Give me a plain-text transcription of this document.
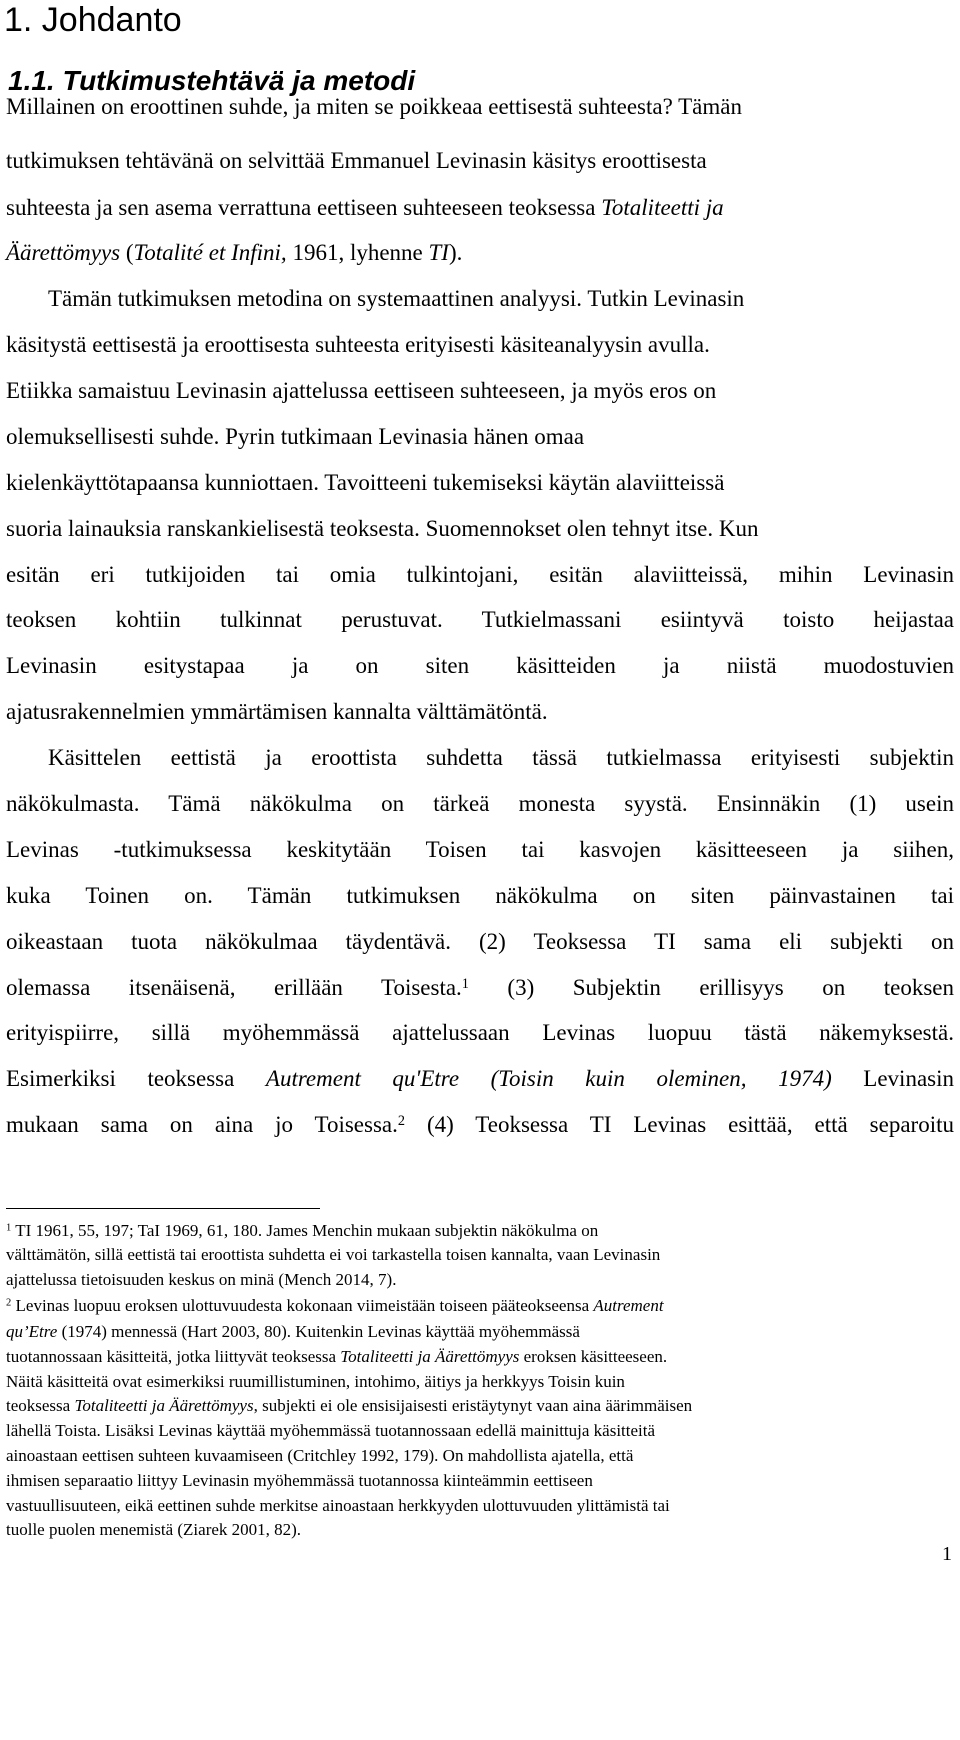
1. Johdanto
1.1. Tutkimustehtävä ja metodi
Millainen on eroottinen suhde, ja miten se poikkeaa eettisestä suhteesta? Tämän
tutkimuksen tehtävänä on selvittää Emmanuel Levinasin käsitys eroottisesta
suhteesta ja sen asema verrattuna eettiseen suhteeseen teoksessa Totaliteetti ja
Äärettömyys (Totalité et Infini, 1961, lyhenne TI).
Tämän tutkimuksen metodina on systemaattinen analyysi. Tutkin Levinasin
käsitystä eettisestä ja eroottisesta suhteesta erityisesti käsiteanalyysin avulla.
Etiikka samaistuu Levinasin ajattelussa eettiseen suhteeseen, ja myös eros on
olemuksellisesti suhde. Pyrin tutkimaan Levinasia hänen omaa
kielenkäyttötapaansa kunniottaen. Tavoitteeni tukemiseksi käytän alaviitteissä
suoria lainauksia ranskankielisestä teoksesta. Suomennokset olen tehnyt itse. Kun
esitän eri tutkijoiden tai omia tulkintojani, esitän alaviitteissä, mihin Levinasin
teoksen kohtiin tulkinnat perustuvat. Tutkielmassani esiintyvä toisto heijastaa
Levinasin esitystapaa ja on siten käsitteiden ja niistä muodostuvien
ajatusrakennelmien ymmärtämisen kannalta välttämätöntä.
Käsittelen eettistä ja eroottista suhdetta tässä tutkielmassa erityisesti subjektin
näkökulmasta. Tämä näkökulma on tärkeä monesta syystä. Ensinnäkin (1) usein
Levinas -tutkimuksessa keskitytään Toisen tai kasvojen käsitteeseen ja siihen,
kuka Toinen on. Tämän tutkimuksen näkökulma on siten päinvastainen tai
oikeastaan tuota näkökulmaa täydentävä. (2) Teoksessa TI sama eli subjekti on
olemassa itsenäisenä, erillään Toisesta.$^1$ (3) Subjektin erillisyys on teoksen
erityispiirre, sillä myöhemmässä ajattelussaan Levinas luopuu tästä näkemyksestä.
Esimerkiksi teoksessa Autrement qu'Etre (Toisin kuin oleminen, 1974) Levinasin
mukaan sama on aina jo Toisessa.$^2$ (4) Teoksessa TI Levinas esittää, että separoitu
$^1$ TI 1961, 55, 197; TaI 1969, 61, 180. James Menchin mukaan subjektin näkökulma on
välttämätön, sillä eettistä tai eroottista suhdetta ei voi tarkastella toisen kannalta, vaan Levinasin
ajattelussa tietoisuuden keskus on minä (Mench 2014, 7).
$^2$ Levinas luopuu eroksen ulottuvuudesta kokonaan viimeistään toiseen pääteokseensa Autrement
qu’Etre (1974) mennessä (Hart 2003, 80). Kuitenkin Levinas käyttää myöhemmässä
tuotannossaan käsitteitä, jotka liittyvät teoksessa Totaliteetti ja Äärettömyys eroksen käsitteeseen.
Näitä käsitteitä ovat esimerkiksi ruumillistuminen, intohimo, äitiys ja herkkyys Toisin kuin
teoksessa Totaliteetti ja Äärettömyys, subjekti ei ole ensisijaisesti eristäytynyt vaan aina äärimmäisen
lähellä Toista. Lisäksi Levinas käyttää myöhemmässä tuotannossaan edellä mainittuja käsitteitä
ainoastaan eettisen suhteen kuvaamiseen (Critchley 1992, 179). On mahdollista ajatella, että
ihmisen separaatio liittyy Levinasin myöhemmässä tuotannossa kiinteämmin eettiseen
vastuullisuuteen, eikä eettinen suhde merkitse ainoastaan herkkyyden ulottuvuuden ylittämistä tai
tuolle puolen menemistä (Ziarek 2001, 82).
1
